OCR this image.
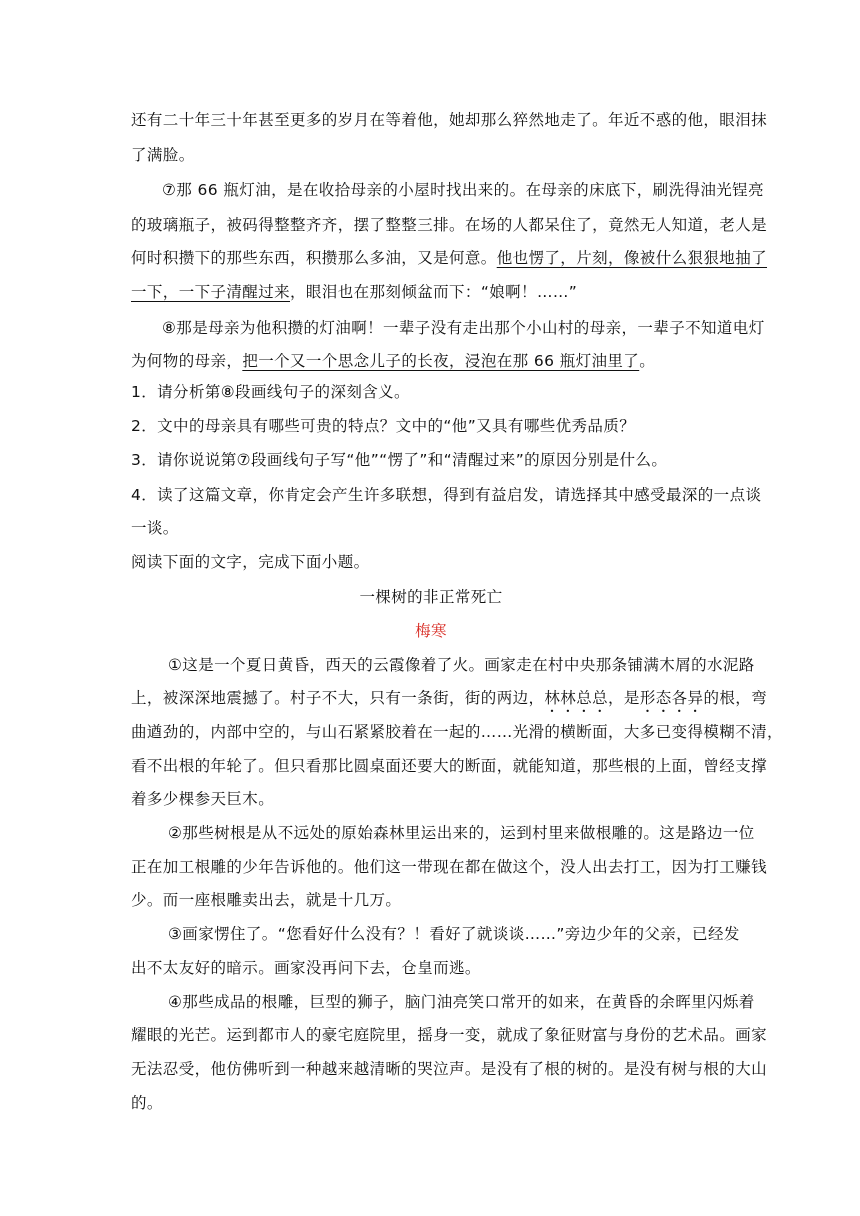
还有二十年三十年甚至更多的岁月在等着他，她却那么猝然地走了。年近不惑的他，眼泪抹
了满脸。
⑦那 66 瓶灯油，是在收拾母亲的小屋时找出来的。在母亲的床底下，刷洗得油光锃亮
的玻璃瓶子，被码得整整齐齐，摆了整整三排。在场的人都呆住了，竟然无人知道，老人是
何时积攒下的那些东西，积攒那么多油，又是何意。他也愣了，片刻，像被什么狠狠地抽了
一下，一下子清醒过来，眼泪也在那刻倾盆而下：“娘啊！……”
⑧那是母亲为他积攒的灯油啊！一辈子没有走出那个小山村的母亲，一辈子不知道电灯
为何物的母亲，把一个又一个思念儿子的长夜，浸泡在那 66 瓶灯油里了。
1．请分析第⑧段画线句子的深刻含义。
2．文中的母亲具有哪些可贵的特点？文中的“他”又具有哪些优秀品质？
3．请你说说第⑦段画线句子写“他”“愣了”和“清醒过来”的原因分别是什么。
4．读了这篇文章，你肯定会产生许多联想，得到有益启发，请选择其中感受最深的一点谈
一谈。
阅读下面的文字，完成下面小题。
一棵树的非正常死亡
梅寒
①这是一个夏日黄昏，西天的云霞像着了火。画家走在村中央那条铺满木屑的水泥路
上，被深深地震撼了。村子不大，只有一条街，街的两边，林林总总，是形态各异的根，弯
曲遒劲的，内部中空的，与山石紧紧胶着在一起的……光滑的横断面，大多已变得模糊不清，
看不出根的年轮了。但只看那比圆桌面还要大的断面，就能知道，那些根的上面，曾经支撑
着多少棵参天巨木。
②那些树根是从不远处的原始森林里运出来的，运到村里来做根雕的。这是路边一位
正在加工根雕的少年告诉他的。他们这一带现在都在做这个，没人出去打工，因为打工赚钱
少。而一座根雕卖出去，就是十几万。
③画家愣住了。“您看好什么没有？！看好了就谈谈……”旁边少年的父亲，已经发
出不太友好的暗示。画家没再问下去，仓皇而逃。
④那些成品的根雕，巨型的狮子，脑门油亮笑口常开的如来，在黄昏的余晖里闪烁着
耀眼的光芒。运到都市人的豪宅庭院里，摇身一变，就成了象征财富与身份的艺术品。画家
无法忍受，他仿佛听到一种越来越清晰的哭泣声。是没有了根的树的。是没有树与根的大山
的。
